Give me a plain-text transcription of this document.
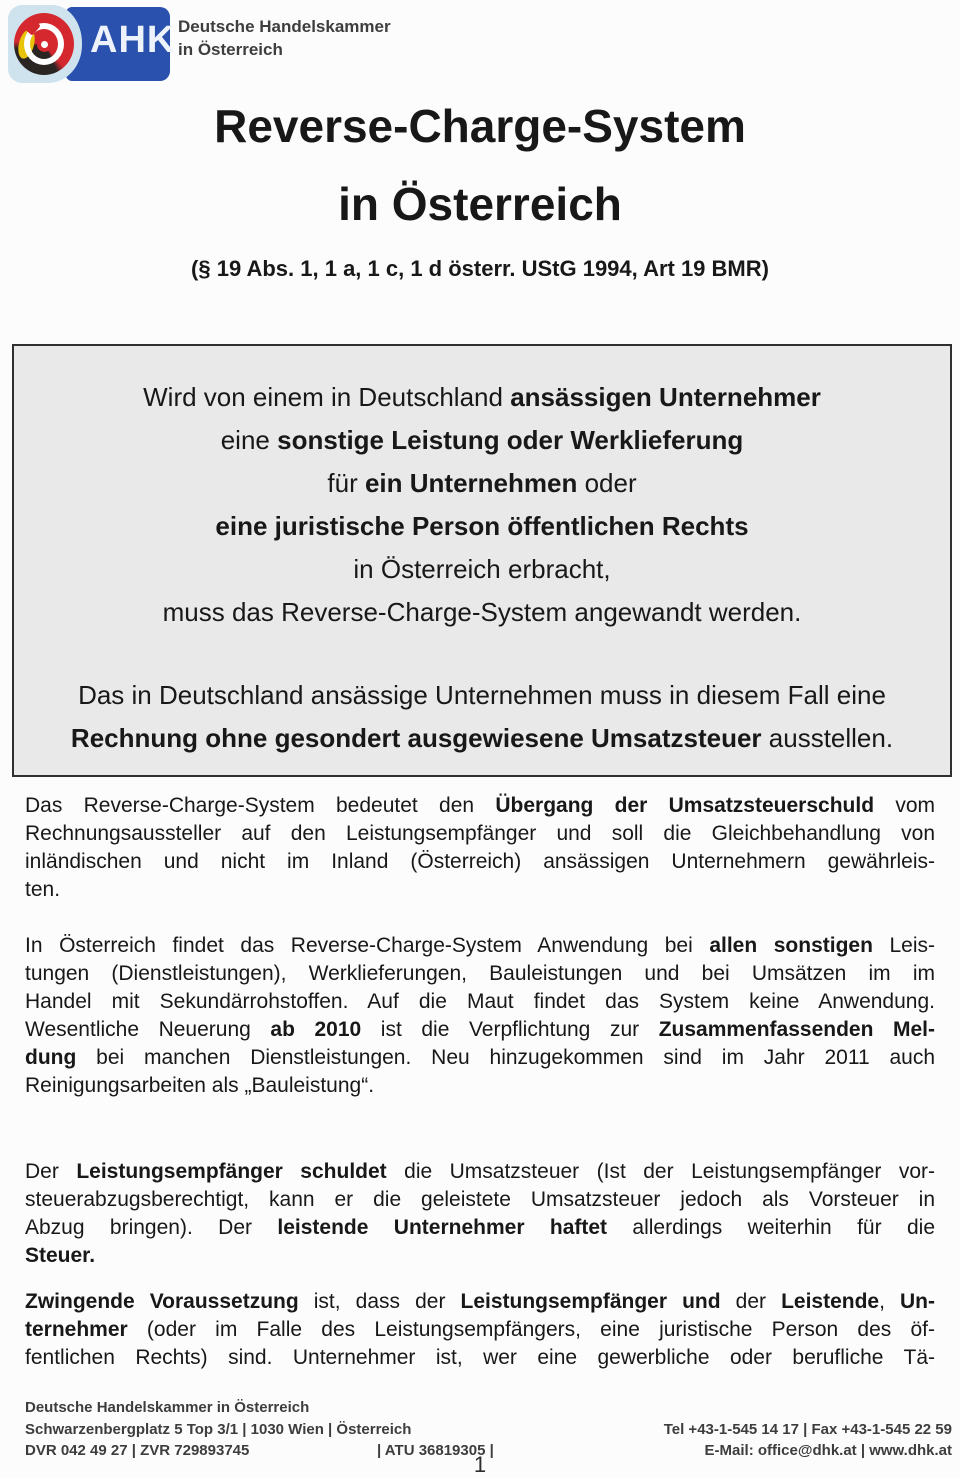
AHK Deutsche Handelskammer
in Österreich
Reverse-Charge-System
in Österreich
(§ 19 Abs. 1, 1 a, 1 c, 1 d österr. UStG 1994, Art 19 BMR)
Wird von einem in Deutschland ansässigen Unternehmer
eine sonstige Leistung oder Werklieferung
für ein Unternehmen oder
eine juristische Person öffentlichen Rechts
in Österreich erbracht,
muss das Reverse-Charge-System angewandt werden.
Das in Deutschland ansässige Unternehmen muss in diesem Fall eine
Rechnung ohne gesondert ausgewiesene Umsatzsteuer ausstellen.
Das Reverse-Charge-System bedeutet den Übergang der Umsatzsteuerschuld vom
Rechnungsaussteller auf den Leistungsempfänger und soll die Gleichbehandlung von
inländischen und nicht im Inland (Österreich) ansässigen Unternehmern gewährleis-
ten.
In Österreich findet das Reverse-Charge-System Anwendung bei allen sonstigen Leis-
tungen (Dienstleistungen), Werklieferungen, Bauleistungen und bei Umsätzen im im
Handel mit Sekundärrohstoffen. Auf die Maut findet das System keine Anwendung.
Wesentliche Neuerung ab 2010 ist die Verpflichtung zur Zusammenfassenden Mel-
dung bei manchen Dienstleistungen. Neu hinzugekommen sind im Jahr 2011 auch
Reinigungsarbeiten als „Bauleistung“.
Der Leistungsempfänger schuldet die Umsatzsteuer (Ist der Leistungsempfänger vor-
steuerabzugsberechtigt, kann er die geleistete Umsatzsteuer jedoch als Vorsteuer in
Abzug bringen). Der leistende Unternehmer haftet allerdings weiterhin für die
Steuer.
Zwingende Voraussetzung ist, dass der Leistungsempfänger und der Leistende, Un-
ternehmer (oder im Falle des Leistungsempfängers, eine juristische Person des öf-
fentlichen Rechts) sind. Unternehmer ist, wer eine gewerbliche oder berufliche Tä-
Deutsche Handelskammer in Österreich
Schwarzenbergplatz 5 Top 3/1 | 1030 Wien | Österreich	Tel +43-1-545 14 17 | Fax +43-1-545 22 59
DVR 042 49 27 | ZVR 729893745	| ATU 36819305 |	E-Mail: office@dhk.at | www.dhk.at
1
